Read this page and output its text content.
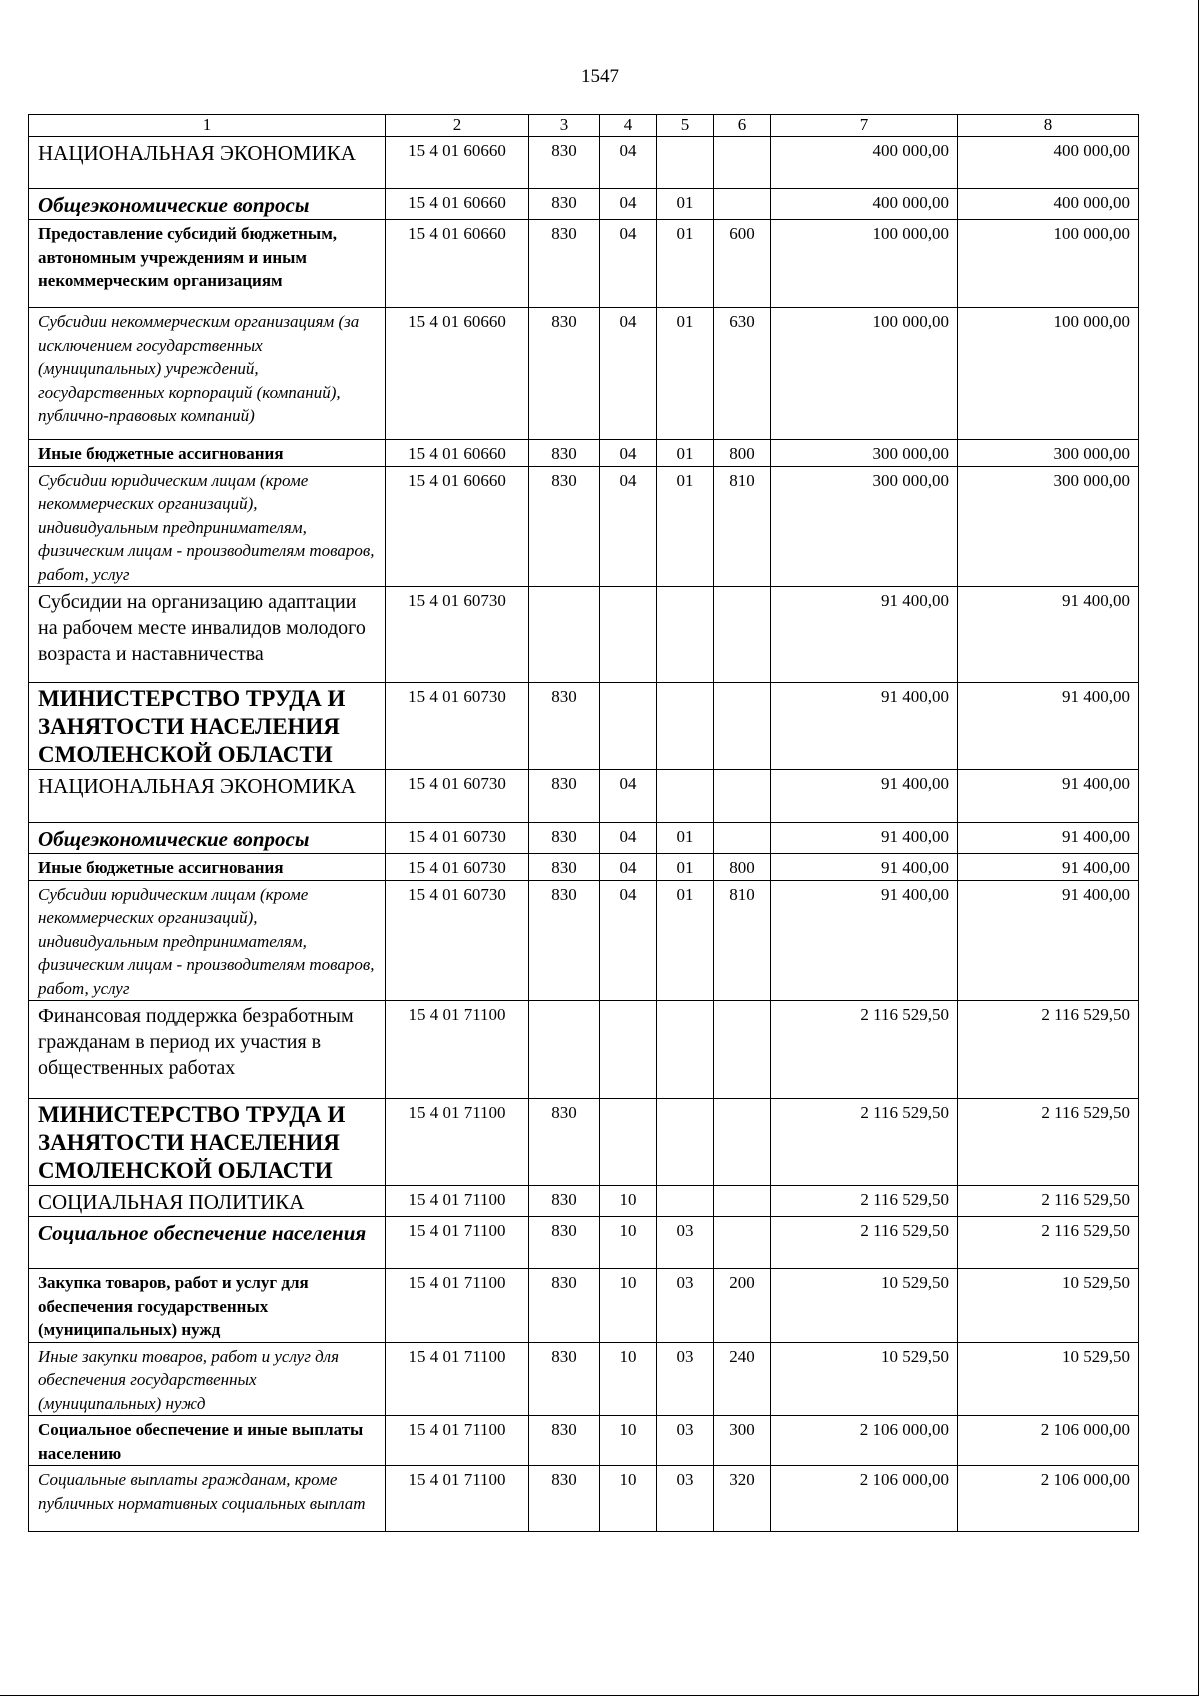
1547
1	2	3	4	5	6	7	8
НАЦИОНАЛЬНАЯ ЭКОНОМИКА	15 4 01 60660	830	04			400 000,00	400 000,00
Общеэкономические вопросы	15 4 01 60660	830	04	01		400 000,00	400 000,00
Предоставление субсидий бюджетным, автономным учреждениям и иным некоммерческим организациям	15 4 01 60660	830	04	01	600	100 000,00	100 000,00
Субсидии некоммерческим организациям (за исключением государственных (муниципальных) учреждений, государственных корпораций (компаний), публично-правовых компаний)	15 4 01 60660	830	04	01	630	100 000,00	100 000,00
Иные бюджетные ассигнования	15 4 01 60660	830	04	01	800	300 000,00	300 000,00
Субсидии юридическим лицам (кроме некоммерческих организаций), индивидуальным предпринимателям, физическим лицам - производителям товаров, работ, услуг	15 4 01 60660	830	04	01	810	300 000,00	300 000,00
Субсидии на организацию адаптации на рабочем месте инвалидов молодого возраста и наставничества	15 4 01 60730					91 400,00	91 400,00
МИНИСТЕРСТВО ТРУДА И ЗАНЯТОСТИ НАСЕЛЕНИЯ СМОЛЕНСКОЙ ОБЛАСТИ	15 4 01 60730	830				91 400,00	91 400,00
НАЦИОНАЛЬНАЯ ЭКОНОМИКА	15 4 01 60730	830	04			91 400,00	91 400,00
Общеэкономические вопросы	15 4 01 60730	830	04	01		91 400,00	91 400,00
Иные бюджетные ассигнования	15 4 01 60730	830	04	01	800	91 400,00	91 400,00
Субсидии юридическим лицам (кроме некоммерческих организаций), индивидуальным предпринимателям, физическим лицам - производителям товаров, работ, услуг	15 4 01 60730	830	04	01	810	91 400,00	91 400,00
Финансовая поддержка безработным гражданам в период их участия в общественных работах	15 4 01 71100					2 116 529,50	2 116 529,50
МИНИСТЕРСТВО ТРУДА И ЗАНЯТОСТИ НАСЕЛЕНИЯ СМОЛЕНСКОЙ ОБЛАСТИ	15 4 01 71100	830				2 116 529,50	2 116 529,50
СОЦИАЛЬНАЯ ПОЛИТИКА	15 4 01 71100	830	10			2 116 529,50	2 116 529,50
Социальное обеспечение населения	15 4 01 71100	830	10	03		2 116 529,50	2 116 529,50
Закупка товаров, работ и услуг для обеспечения государственных (муниципальных) нужд	15 4 01 71100	830	10	03	200	10 529,50	10 529,50
Иные закупки товаров, работ и услуг для обеспечения государственных (муниципальных) нужд	15 4 01 71100	830	10	03	240	10 529,50	10 529,50
Социальное обеспечение и иные выплаты населению	15 4 01 71100	830	10	03	300	2 106 000,00	2 106 000,00
Социальные выплаты гражданам, кроме публичных нормативных социальных выплат	15 4 01 71100	830	10	03	320	2 106 000,00	2 106 000,00
